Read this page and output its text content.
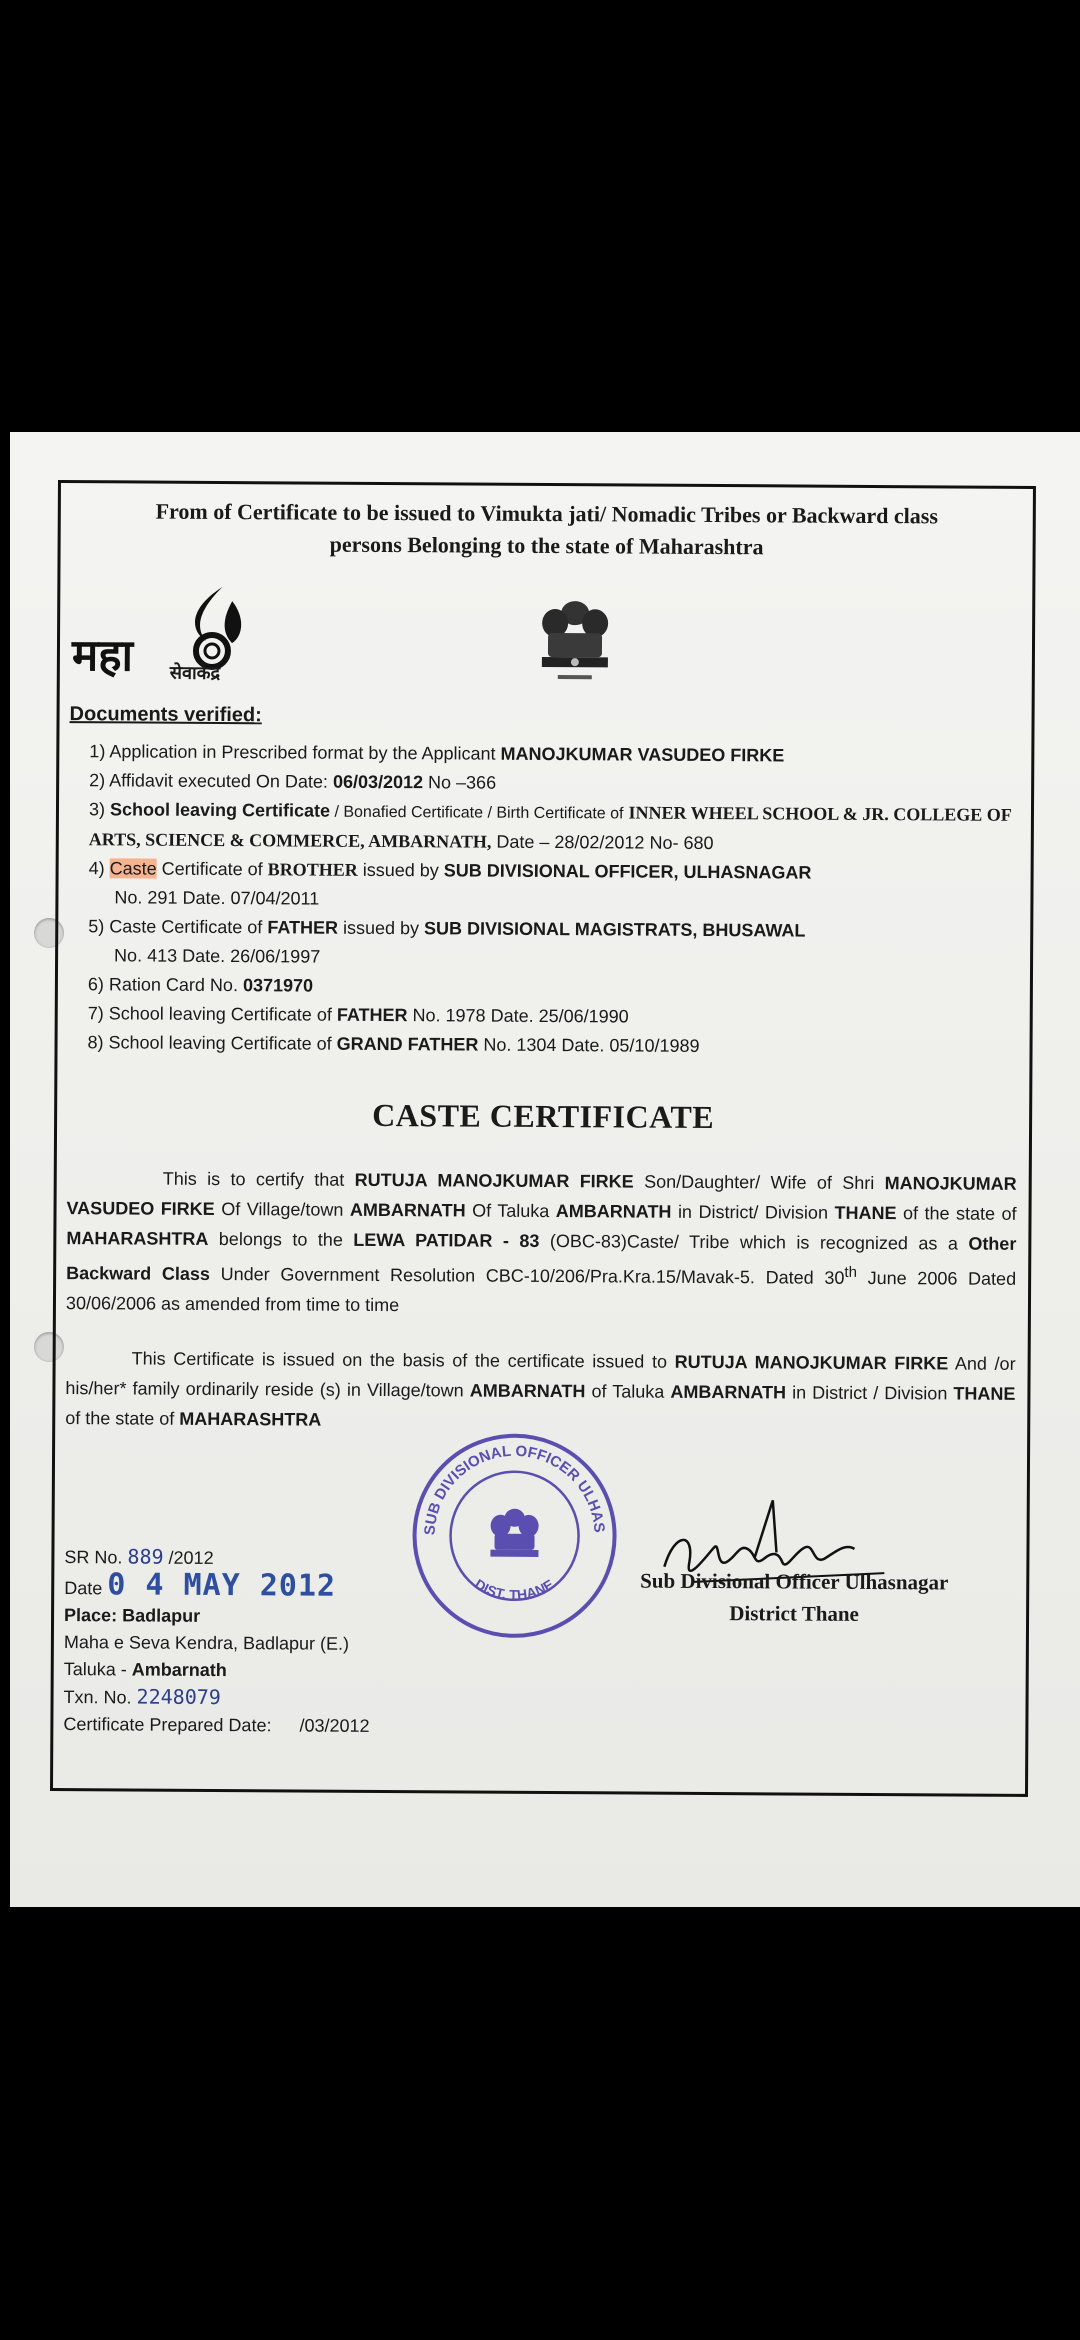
From of Certificate to be issued to Vimukta jati/ Nomadic Tribes or Backward class
persons Belonging to the state of Maharashtra
महा सेवाकेंद्र
Documents verified:
1) Application in Prescribed format by the Applicant MANOJKUMAR VASUDEO FIRKE
2) Affidavit executed On Date: 06/03/2012 No –366
3) School leaving Certificate / Bonafied Certificate / Birth Certificate of INNER WHEEL SCHOOL & JR. COLLEGE OF ARTS, SCIENCE & COMMERCE, AMBARNATH, Date – 28/02/2012 No- 680
4) Caste Certificate of BROTHER issued by SUB DIVISIONAL OFFICER, ULHASNAGAR
No. 291 Date. 07/04/2011
5) Caste Certificate of FATHER issued by SUB DIVISIONAL MAGISTRATS, BHUSAWAL
No. 413 Date. 26/06/1997
6) Ration Card No. 0371970
7) School leaving Certificate of FATHER No. 1978 Date. 25/06/1990
8) School leaving Certificate of GRAND FATHER No. 1304 Date. 05/10/1989
CASTE CERTIFICATE
This is to certify that RUTUJA MANOJKUMAR FIRKE Son/Daughter/ Wife of Shri MANOJKUMAR VASUDEO FIRKE Of Village/town AMBARNATH Of Taluka AMBARNATH in District/ Division THANE of the state of MAHARASHTRA belongs to the LEWA PATIDAR - 83 (OBC-83)Caste/ Tribe which is recognized as a Other Backward Class Under Government Resolution CBC-10/206/Pra.Kra.15/Mavak-5. Dated 30th June 2006 Dated 30/06/2006 as amended from time to time
This Certificate is issued on the basis of the certificate issued to RUTUJA MANOJKUMAR FIRKE And /or his/her* family ordinarily reside (s) in Village/town AMBARNATH of Taluka AMBARNATH in District / Division THANE of the state of MAHARASHTRA
SUB DIVISIONAL OFFICER ULHASNAGAR
DIST. THANE	Sub Divisional Officer Ulhasnagar
District Thane
SR No. 889 /2012
Date 0 4 MAY 2012
Place: Badlapur
Maha e Seva Kendra, Badlapur (E.)
Taluka - Ambarnath
Txn. No. 2248079
Certificate Prepared Date: /03/2012
